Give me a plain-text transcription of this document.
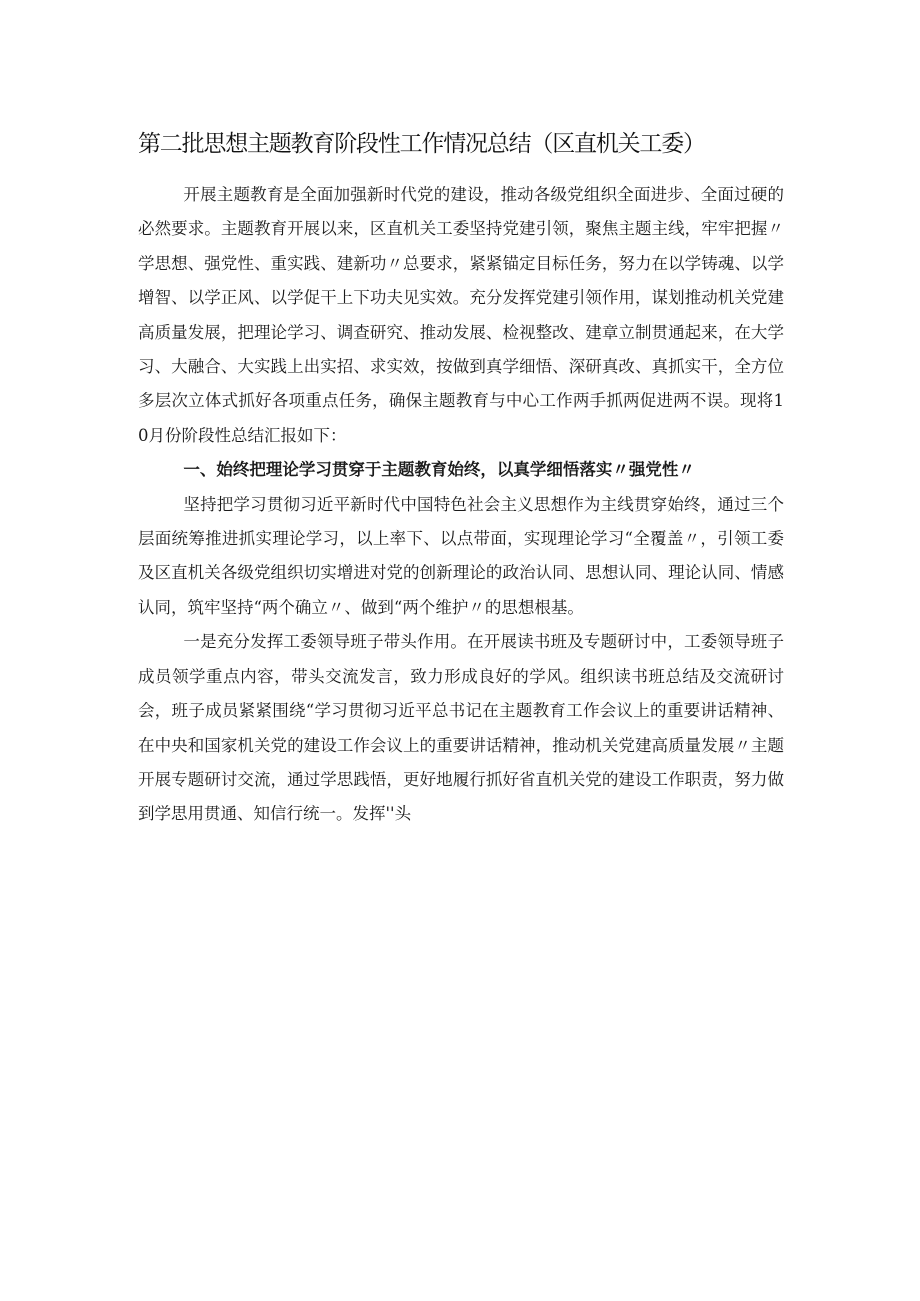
第二批思想主题教育阶段性工作情况总结（区直机关工委）

开展主题教育是全面加强新时代党的建设，推动各级党组织全面进步、全面过硬的必然要求。主题教育开展以来，区直机关工委坚持党建引领，聚焦主题主线，牢牢把握〃学思想、强党性、重实践、建新功〃总要求，紧紧锚定目标任务，努力在以学铸魂、以学增智、以学正风、以学促干上下功夫见实效。充分发挥党建引领作用，谋划推动机关党建高质量发展，把理论学习、调查研究、推动发展、检视整改、建章立制贯通起来，在大学习、大融合、大实践上出实招、求实效，按做到真学细悟、深研真改、真抓实干，全方位多层次立体式抓好各项重点任务，确保主题教育与中心工作两手抓两促进两不误。现将10月份阶段性总结汇报如下：

一、始终把理论学习贯穿于主题教育始终，以真学细悟落实〃强党性〃

坚持把学习贯彻习近平新时代中国特色社会主义思想作为主线贯穿始终，通过三个层面统筹推进抓实理论学习，以上率下、以点带面，实现理论学习“全覆盖〃，引领工委及区直机关各级党组织切实增进对党的创新理论的政治认同、思想认同、理论认同、情感认同，筑牢坚持“两个确立〃、做到“两个维护〃的思想根基。

一是充分发挥工委领导班子带头作用。在开展读书班及专题研讨中，工委领导班子成员领学重点内容，带头交流发言，致力形成良好的学风。组织读书班总结及交流研讨会，班子成员紧紧围绕“学习贯彻习近平总书记在主题教育工作会议上的重要讲话精神、在中央和国家机关党的建设工作会议上的重要讲话精神，推动机关党建高质量发展〃主题开展专题研讨交流，通过学思践悟，更好地履行抓好省直机关党的建设工作职责，努力做到学思用贯通、知信行统一。发挥''头
